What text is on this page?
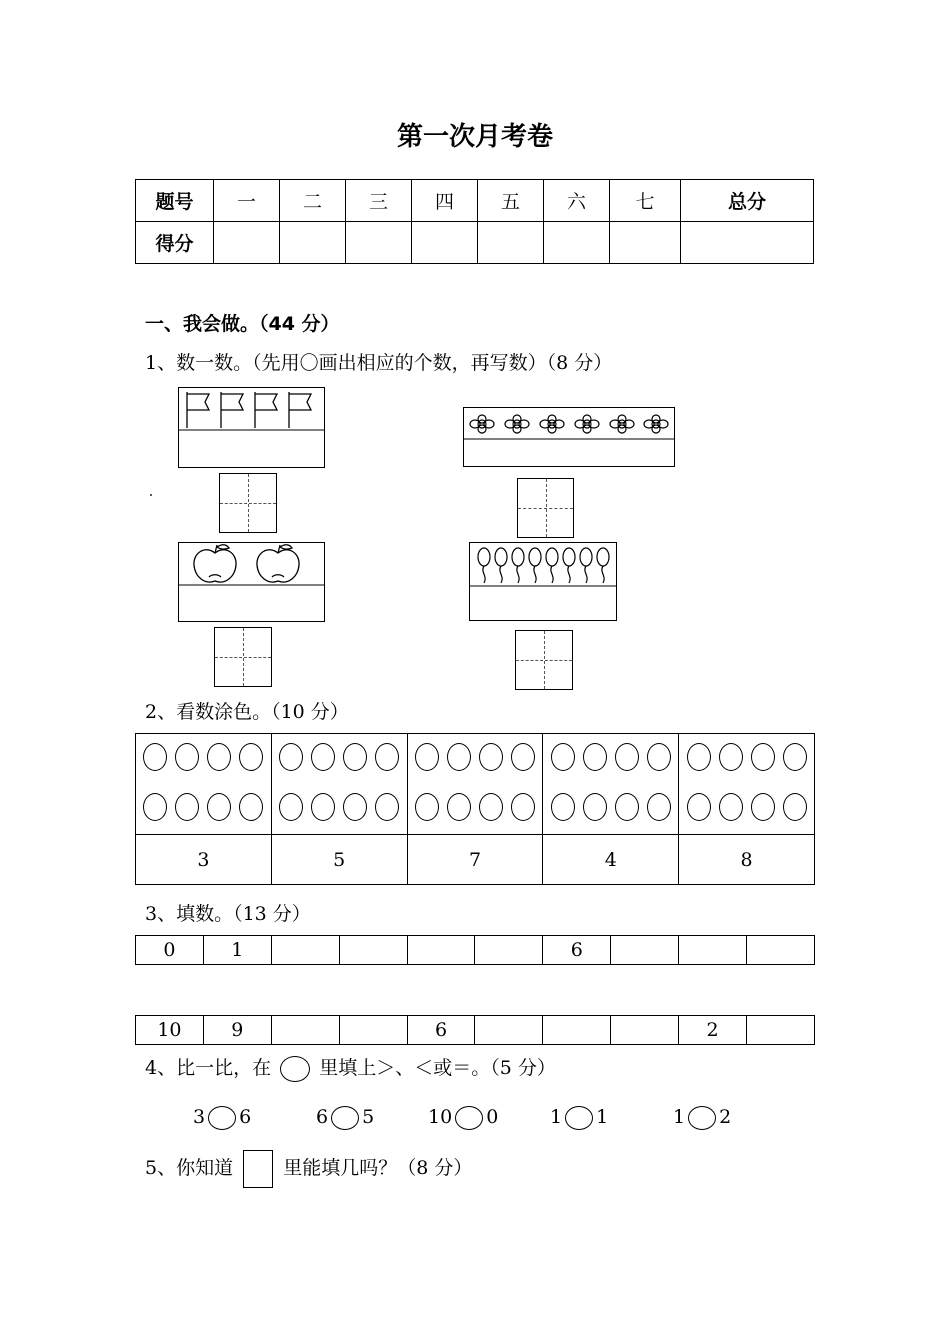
第一次月考卷
题号	一	二	三	四	五	六	七	总分
得分								
一、我会做。（44 分）
1、数一数。（先用〇画出相应的个数，再写数）（8 分）
2、看数涂色。（10 分）

3	5	7	4	8
3、填数。（13 分）
0	1					6			
10	9			6				2	
4、比一比，在	里填上＞、＜或＝。（5 分）
3 6	6 5	10 0	1 1	1 2
5、你知道	里能填几吗？（8 分）
